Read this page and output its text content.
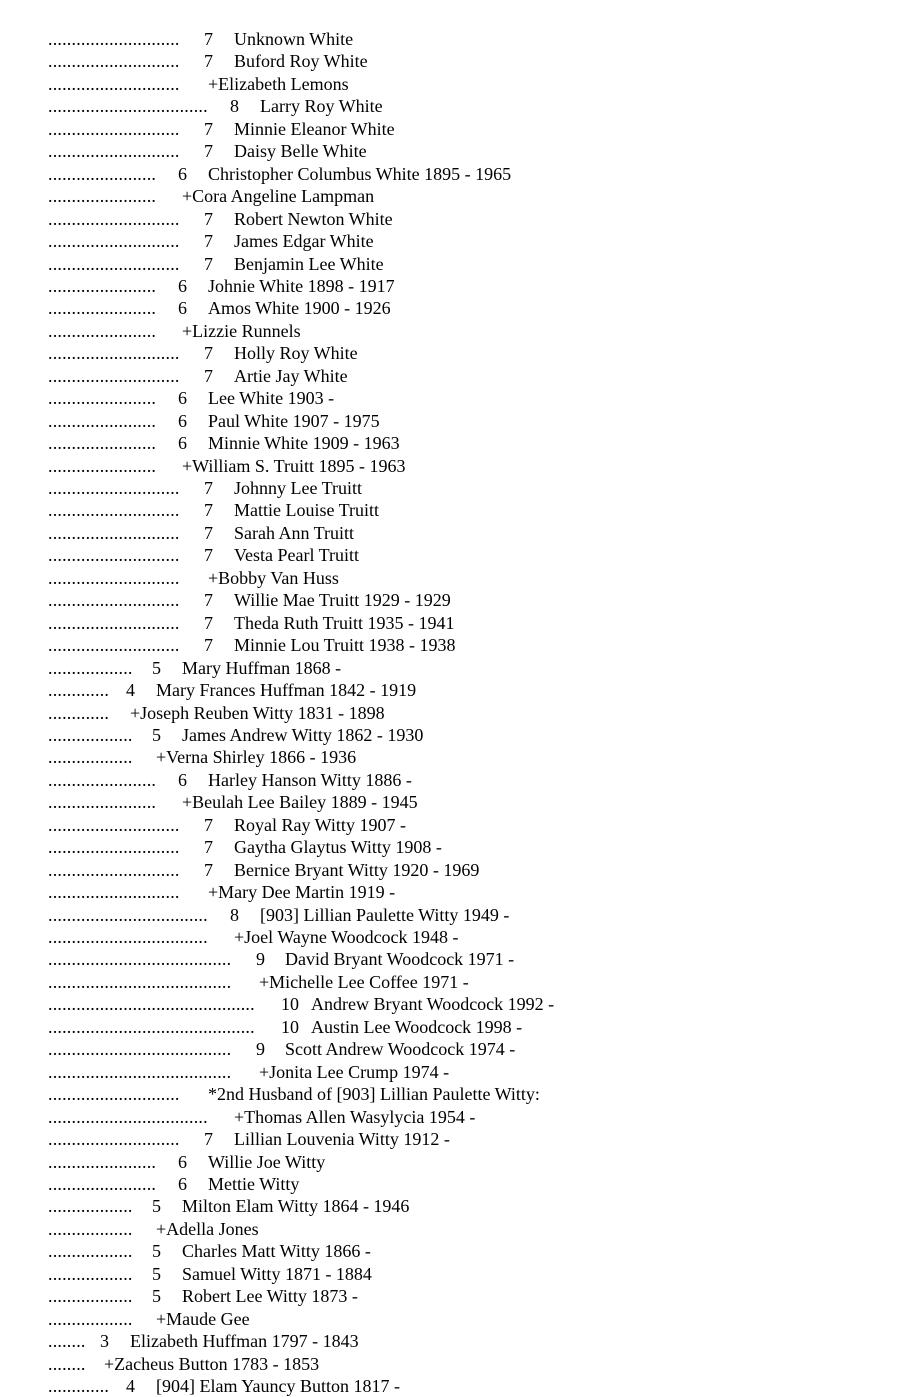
............................ 7 Unknown White
............................ 7 Buford Roy White
............................ +Elizabeth Lemons
.................................. 8 Larry Roy White
............................ 7 Minnie Eleanor White
............................ 7 Daisy Belle White
....................... 6 Christopher Columbus White 1895 - 1965
....................... +Cora Angeline Lampman
............................ 7 Robert Newton White
............................ 7 James Edgar White
............................ 7 Benjamin Lee White
....................... 6 Johnie White 1898 - 1917
....................... 6 Amos White 1900 - 1926
....................... +Lizzie Runnels
............................ 7 Holly Roy White
............................ 7 Artie Jay White
....................... 6 Lee White 1903 -
....................... 6 Paul White 1907 - 1975
....................... 6 Minnie White 1909 - 1963
....................... +William S. Truitt 1895 - 1963
............................ 7 Johnny Lee Truitt
............................ 7 Mattie Louise Truitt
............................ 7 Sarah Ann Truitt
............................ 7 Vesta Pearl Truitt
............................ +Bobby Van Huss
............................ 7 Willie Mae Truitt 1929 - 1929
............................ 7 Theda Ruth Truitt 1935 - 1941
............................ 7 Minnie Lou Truitt 1938 - 1938
.................. 5 Mary Huffman 1868 -
............. 4 Mary Frances Huffman 1842 - 1919
............. +Joseph Reuben Witty 1831 - 1898
.................. 5 James Andrew Witty 1862 - 1930
.................. +Verna Shirley 1866 - 1936
....................... 6 Harley Hanson Witty 1886 -
....................... +Beulah Lee Bailey 1889 - 1945
............................ 7 Royal Ray Witty 1907 -
............................ 7 Gaytha Glaytus Witty 1908 -
............................ 7 Bernice Bryant Witty 1920 - 1969
............................ +Mary Dee Martin 1919 -
.................................. 8 [903] Lillian Paulette Witty 1949 -
.................................. +Joel Wayne Woodcock 1948 -
....................................... 9 David Bryant Woodcock 1971 -
....................................... +Michelle Lee Coffee 1971 -
............................................ 10 Andrew Bryant Woodcock 1992 -
............................................ 10 Austin Lee Woodcock 1998 -
....................................... 9 Scott Andrew Woodcock 1974 -
....................................... +Jonita Lee Crump 1974 -
............................ *2nd Husband of [903] Lillian Paulette Witty:
.................................. +Thomas Allen Wasylycia 1954 -
............................ 7 Lillian Louvenia Witty 1912 -
....................... 6 Willie Joe Witty
....................... 6 Mettie Witty
.................. 5 Milton Elam Witty 1864 - 1946
.................. +Adella Jones
.................. 5 Charles Matt Witty 1866 -
.................. 5 Samuel Witty 1871 - 1884
.................. 5 Robert Lee Witty 1873 -
.................. +Maude Gee
........ 3 Elizabeth Huffman 1797 - 1843
........ +Zacheus Button 1783 - 1853
............. 4 [904] Elam Yauncy Button 1817 -
